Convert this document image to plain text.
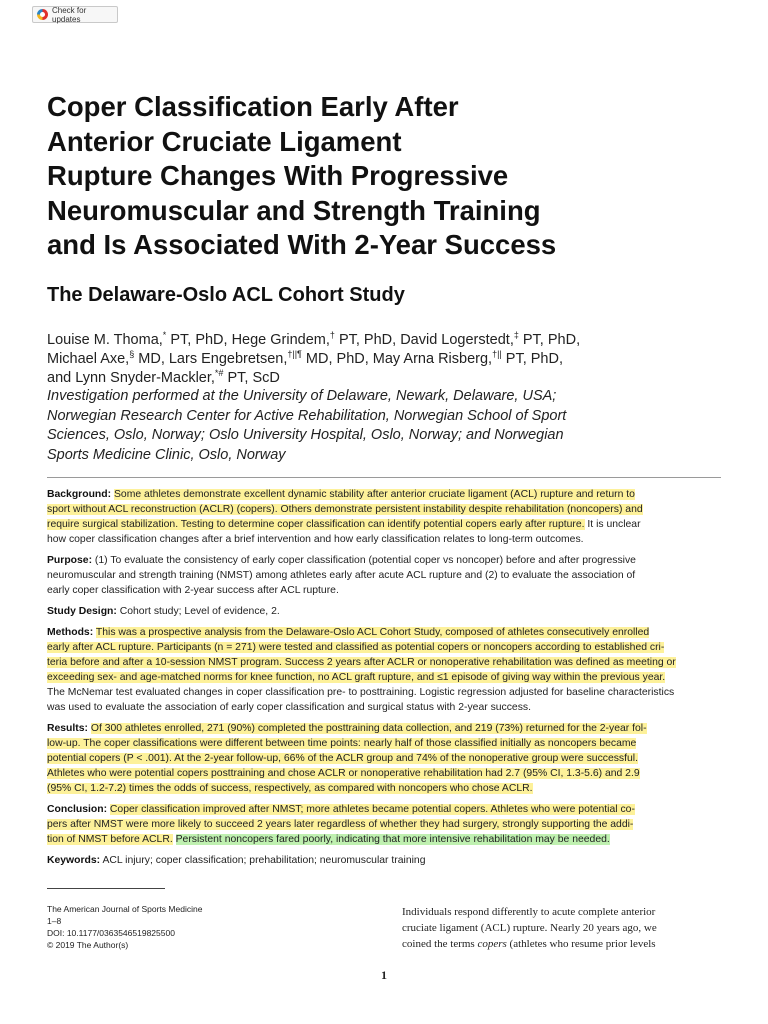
Check for updates
Coper Classification Early After
Anterior Cruciate Ligament
Rupture Changes With Progressive
Neuromuscular and Strength Training
and Is Associated With 2-Year Success
The Delaware-Oslo ACL Cohort Study
Louise M. Thoma,* PT, PhD, Hege Grindem,† PT, PhD, David Logerstedt,‡ PT, PhD,
Michael Axe,§ MD, Lars Engebretsen,†||¶ MD, PhD, May Arna Risberg,†|| PT, PhD,
and Lynn Snyder-Mackler,*# PT, ScD
Investigation performed at the University of Delaware, Newark, Delaware, USA;
Norwegian Research Center for Active Rehabilitation, Norwegian School of Sport
Sciences, Oslo, Norway; Oslo University Hospital, Oslo, Norway; and Norwegian
Sports Medicine Clinic, Oslo, Norway

Background: Some athletes demonstrate excellent dynamic stability after anterior cruciate ligament (ACL) rupture and return to
sport without ACL reconstruction (ACLR) (copers). Others demonstrate persistent instability despite rehabilitation (noncopers) and
require surgical stabilization. Testing to determine coper classification can identify potential copers early after rupture. It is unclear
how coper classification changes after a brief intervention and how early classification relates to long-term outcomes.

Purpose: (1) To evaluate the consistency of early coper classification (potential coper vs noncoper) before and after progressive
neuromuscular and strength training (NMST) among athletes early after acute ACL rupture and (2) to evaluate the association of
early coper classification with 2-year success after ACL rupture.

Study Design: Cohort study; Level of evidence, 2.

Methods: This was a prospective analysis from the Delaware-Oslo ACL Cohort Study, composed of athletes consecutively enrolled
early after ACL rupture. Participants (n = 271) were tested and classified as potential copers or noncopers according to established cri-
teria before and after a 10-session NMST program. Success 2 years after ACLR or nonoperative rehabilitation was defined as meeting or
exceeding sex- and age-matched norms for knee function, no ACL graft rupture, and ≤1 episode of giving way within the previous year.
The McNemar test evaluated changes in coper classification pre- to posttraining. Logistic regression adjusted for baseline characteristics
was used to evaluate the association of early coper classification and surgical status with 2-year success.

Results: Of 300 athletes enrolled, 271 (90%) completed the posttraining data collection, and 219 (73%) returned for the 2-year fol-
low-up. The coper classifications were different between time points: nearly half of those classified initially as noncopers became
potential copers (P < .001). At the 2-year follow-up, 66% of the ACLR group and 74% of the nonoperative group were successful.
Athletes who were potential copers posttraining and chose ACLR or nonoperative rehabilitation had 2.7 (95% CI, 1.3-5.6) and 2.9
(95% CI, 1.2-7.2) times the odds of success, respectively, as compared with noncopers who chose ACLR.

Conclusion: Coper classification improved after NMST; more athletes became potential copers. Athletes who were potential co-
pers after NMST were more likely to succeed 2 years later regardless of whether they had surgery, strongly supporting the addi-
tion of NMST before ACLR. Persistent noncopers fared poorly, indicating that more intensive rehabilitation may be needed.

Keywords: ACL injury; coper classification; prehabilitation; neuromuscular training

The American Journal of Sports Medicine
1–8
DOI: 10.1177/0363546519825500
© 2019 The Author(s)
Individuals respond differently to acute complete anterior
cruciate ligament (ACL) rupture. Nearly 20 years ago, we
coined the terms copers (athletes who resume prior levels
1
